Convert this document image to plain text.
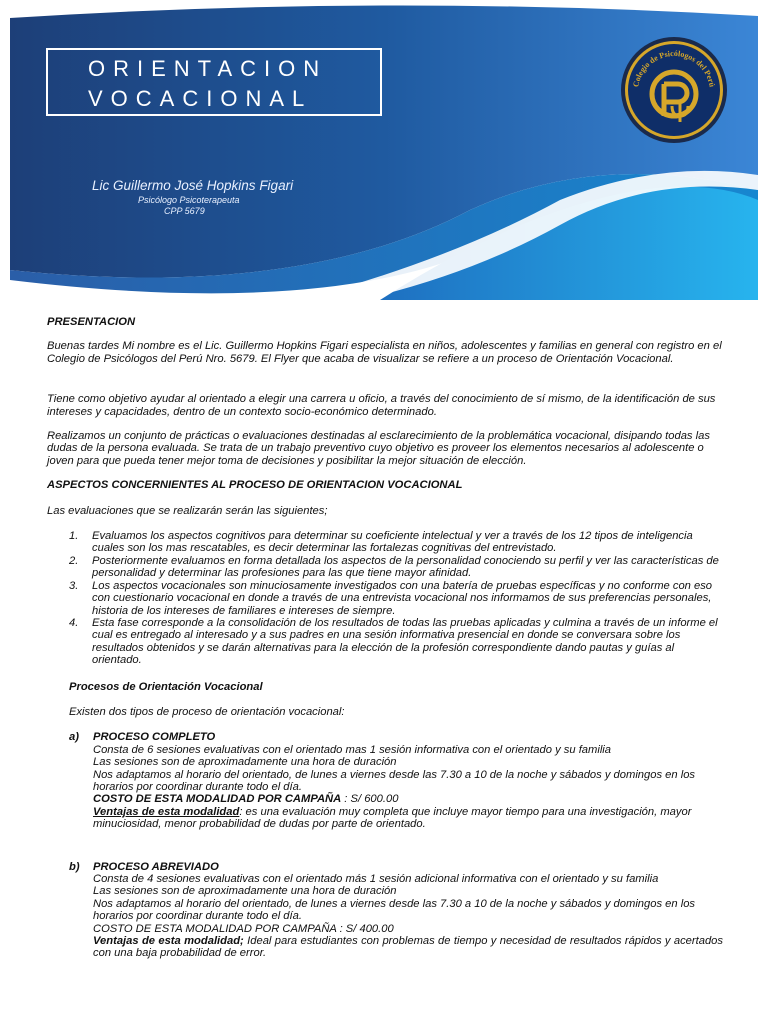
ORIENTACION
VOCACIONAL
Lic Guillermo José Hopkins Figari
Psicólogo Psicoterapeuta
CPP 5679
Colegio de Psicólogos del Perú

PRESENTACION

Buenas tardes Mi nombre es el Lic. Guillermo Hopkins Figari especialista en niños, adolescentes y familias en general con registro en el Colegio de Psicólogos del Perú Nro. 5679. El Flyer que acaba de visualizar se refiere a un proceso de Orientación Vocacional.

Tiene como objetivo ayudar al orientado a elegir una carrera u oficio, a través del conocimiento de sí mismo, de la identificación de sus intereses y capacidades, dentro de un contexto socio-económico determinado.

Realizamos un conjunto de prácticas o evaluaciones destinadas al esclarecimiento de la problemática vocacional, disipando todas las dudas de la persona evaluada. Se trata de un trabajo preventivo cuyo objetivo es proveer los elementos necesarios al adolescente o joven para que pueda tener mejor toma de decisiones y posibilitar la mejor situación de elección.

ASPECTOS CONCERNIENTES AL PROCESO DE ORIENTACION VOCACIONAL

Las evaluaciones que se realizarán serán las siguientes;

1. Evaluamos los aspectos cognitivos para determinar su coeficiente intelectual y ver a través de los 12 tipos de inteligencia cuales son los mas rescatables, es decir determinar las fortalezas cognitivas del entrevistado.
2. Posteriormente evaluamos en forma detallada los aspectos de la personalidad conociendo su perfil y ver las características de personalidad y determinar las profesiones para las que tiene mayor afinidad.
3. Los aspectos vocacionales son minuciosamente investigados con una batería de pruebas específicas y no conforme con eso con cuestionario vocacional en donde a través de una entrevista vocacional nos informamos de sus preferencias personales, historia de los intereses de familiares e intereses de siempre.
4. Esta fase corresponde a la consolidación de los resultados de todas las pruebas aplicadas y culmina a través de un informe el cual es entregado al interesado y a sus padres en una sesión informativa presencial en donde se conversara sobre los resultados obtenidos y se darán alternativas para la elección de la profesión correspondiente dando pautas y guías al orientado.

Procesos de Orientación Vocacional

Existen dos tipos de proceso de orientación vocacional:

a) PROCESO COMPLETO

Consta de 6 sesiones evaluativas con el orientado mas 1 sesión informativa con el orientado y su familia

Las sesiones son de aproximadamente una hora de duración

Nos adaptamos al horario del orientado, de lunes a viernes desde las 7.30 a 10 de la noche y sábados y domingos en los horarios por coordinar durante todo el día.

COSTO DE ESTA MODALIDAD POR CAMPAÑA : S/ 600.00

Ventajas de esta modalidad: es una evaluación muy completa que incluye mayor tiempo para una investigación, mayor minuciosidad, menor probabilidad de dudas por parte de orientado.

b) PROCESO ABREVIADO

Consta de 4 sesiones evaluativas con el orientado más 1 sesión adicional informativa con el orientado y su familia

Las sesiones son de aproximadamente una hora de duración

Nos adaptamos al horario del orientado, de lunes a viernes desde las 7.30 a 10 de la noche y sábados y domingos en los horarios por coordinar durante todo el día.

COSTO DE ESTA MODALIDAD POR CAMPAÑA : S/ 400.00

Ventajas de esta modalidad; Ideal para estudiantes con problemas de tiempo y necesidad de resultados rápidos y acertados con una baja probabilidad de error.
